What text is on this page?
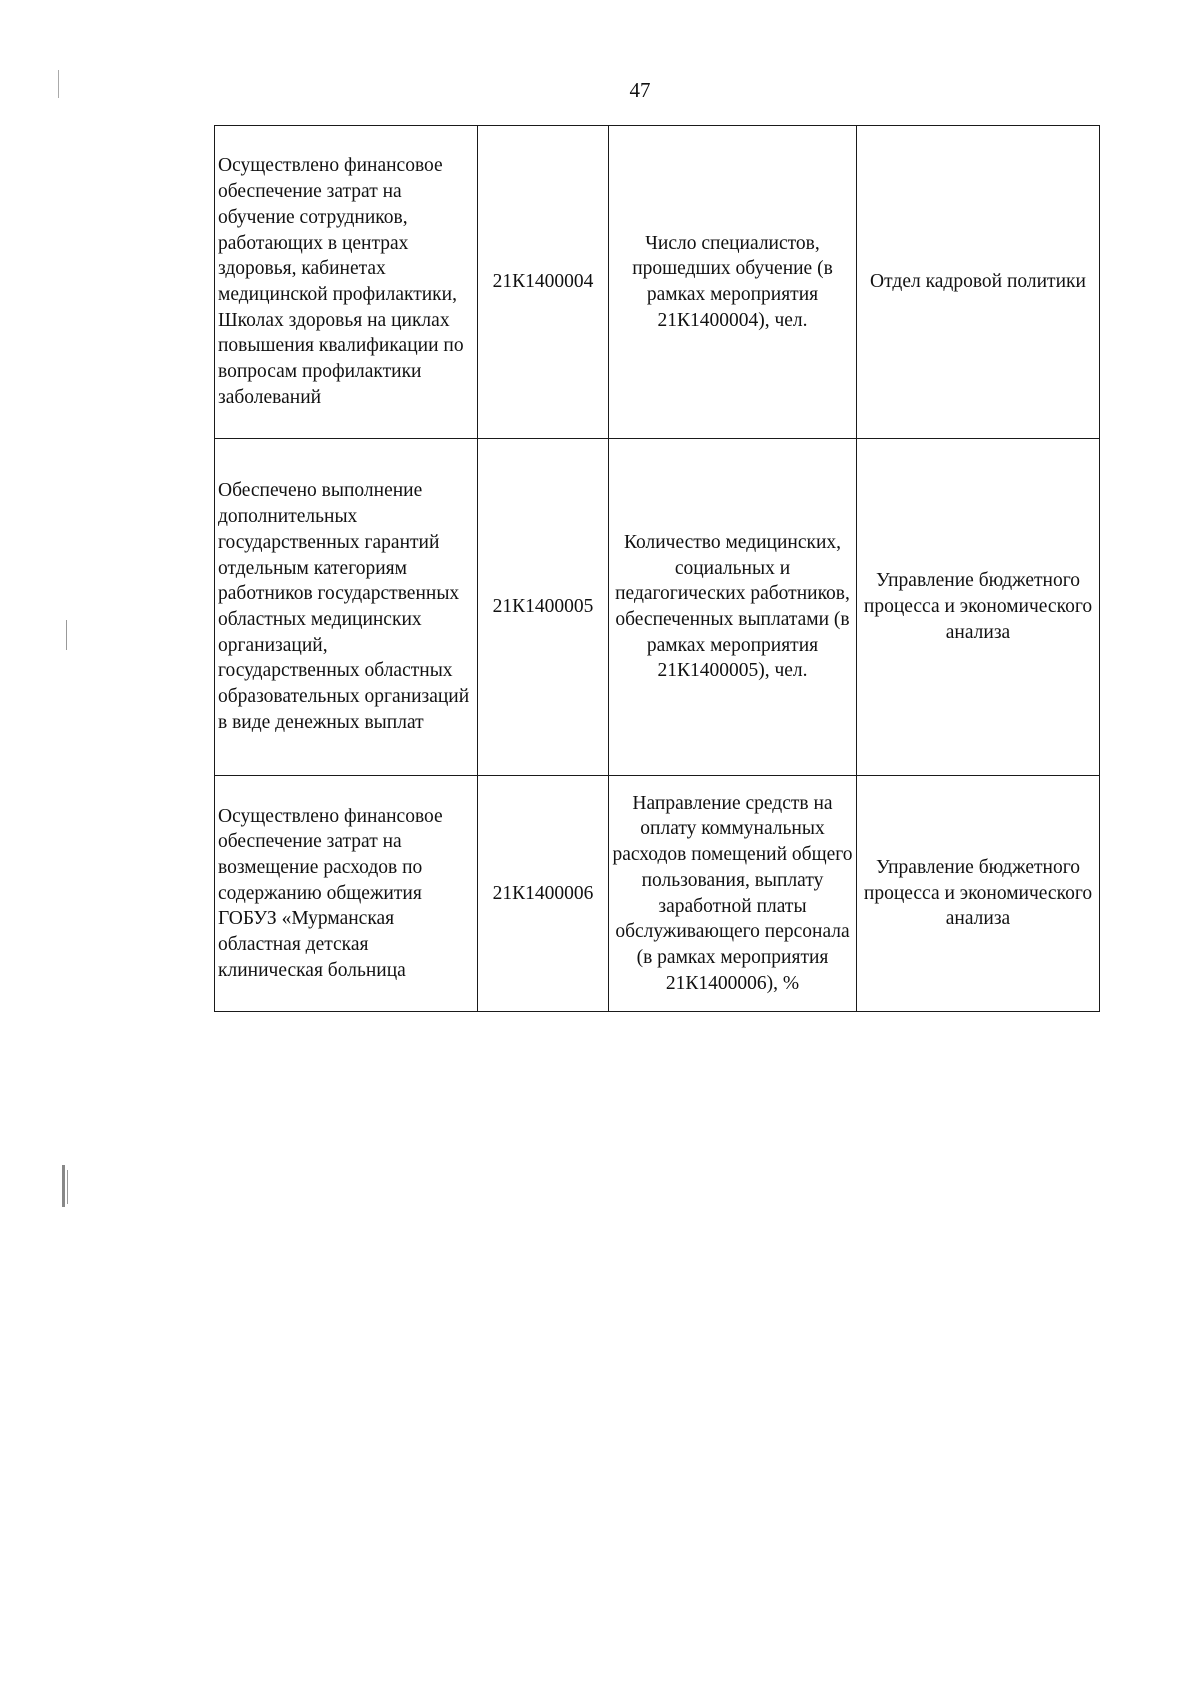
47
Осуществлено финансовое обеспечение затрат на обучение сотрудников, работающих в центрах здоровья, кабинетах медицинской профилактики, Школах здоровья на циклах повышения квалификации по вопросам профилактики заболеваний	21К1400004	Число специалистов, прошедших обучение (в рамках мероприятия 21К1400004), чел.	Отдел кадровой политики
Обеспечено выполнение дополнительных государственных гарантий отдельным категориям работников государственных областных медицинских организаций, государственных областных образовательных организаций в виде денежных выплат	21К1400005	Количество медицинских, социальных и педагогических работников, обеспеченных выплатами (в рамках мероприятия 21К1400005), чел.	Управление бюджетного процесса и экономического анализа
Осуществлено финансовое обеспечение затрат на возмещение расходов по содержанию общежития ГОБУЗ «Мурманская областная детская клиническая больница	21К1400006	Направление средств на оплату коммунальных расходов помещений общего пользования, выплату заработной платы обслуживающего персонала (в рамках мероприятия 21К1400006), %	Управление бюджетного процесса и экономического анализа
